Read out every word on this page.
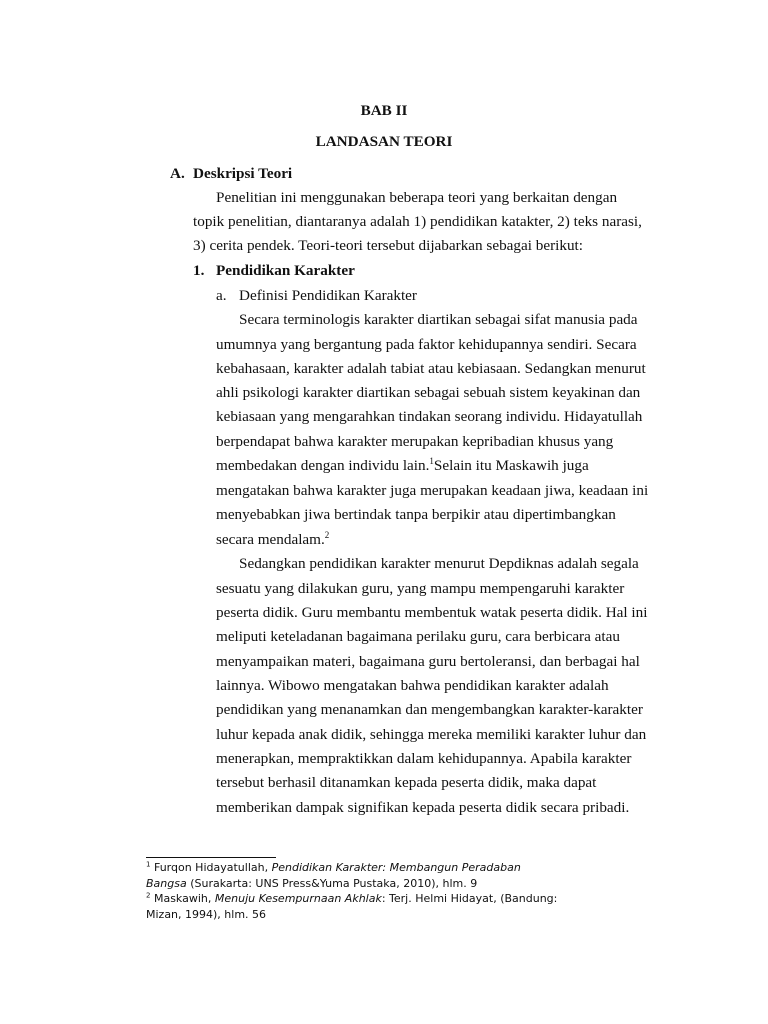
BAB II
LANDASAN TEORI
A. Deskripsi Teori
Penelitian ini menggunakan beberapa teori yang berkaitan dengan
topik penelitian, diantaranya adalah 1) pendidikan katakter, 2) teks narasi,
3) cerita pendek. Teori-teori tersebut dijabarkan sebagai berikut:
1. Pendidikan Karakter
a. Definisi Pendidikan Karakter
Secara terminologis karakter diartikan sebagai sifat manusia pada
umumnya yang bergantung pada faktor kehidupannya sendiri. Secara
kebahasaan, karakter adalah tabiat atau kebiasaan. Sedangkan menurut
ahli psikologi karakter diartikan sebagai sebuah sistem keyakinan dan
kebiasaan yang mengarahkan tindakan seorang individu. Hidayatullah
berpendapat bahwa karakter merupakan kepribadian khusus yang
membedakan dengan individu lain.$^1$Selain itu Maskawih juga
mengatakan bahwa karakter juga merupakan keadaan jiwa, keadaan ini
menyebabkan jiwa bertindak tanpa berpikir atau dipertimbangkan
secara mendalam.$^2$
Sedangkan pendidikan karakter menurut Depdiknas adalah segala
sesuatu yang dilakukan guru, yang mampu mempengaruhi karakter
peserta didik. Guru membantu membentuk watak peserta didik. Hal ini
meliputi keteladanan bagaimana perilaku guru, cara berbicara atau
menyampaikan materi, bagaimana guru bertoleransi, dan berbagai hal
lainnya. Wibowo mengatakan bahwa pendidikan karakter adalah
pendidikan yang menanamkan dan mengembangkan karakter-karakter
luhur kepada anak didik, sehingga mereka memiliki karakter luhur dan
menerapkan, mempraktikkan dalam kehidupannya. Apabila karakter
tersebut berhasil ditanamkan kepada peserta didik, maka dapat
memberikan dampak signifikan kepada peserta didik secara pribadi.
$^1$ Furqon Hidayatullah, Pendidikan Karakter: Membangun Peradaban
Bangsa (Surakarta: UNS Press&Yuma Pustaka, 2010), hlm. 9
$^2$ Maskawih, Menuju Kesempurnaan Akhlak: Terj. Helmi Hidayat, (Bandung:
Mizan, 1994), hlm. 56
